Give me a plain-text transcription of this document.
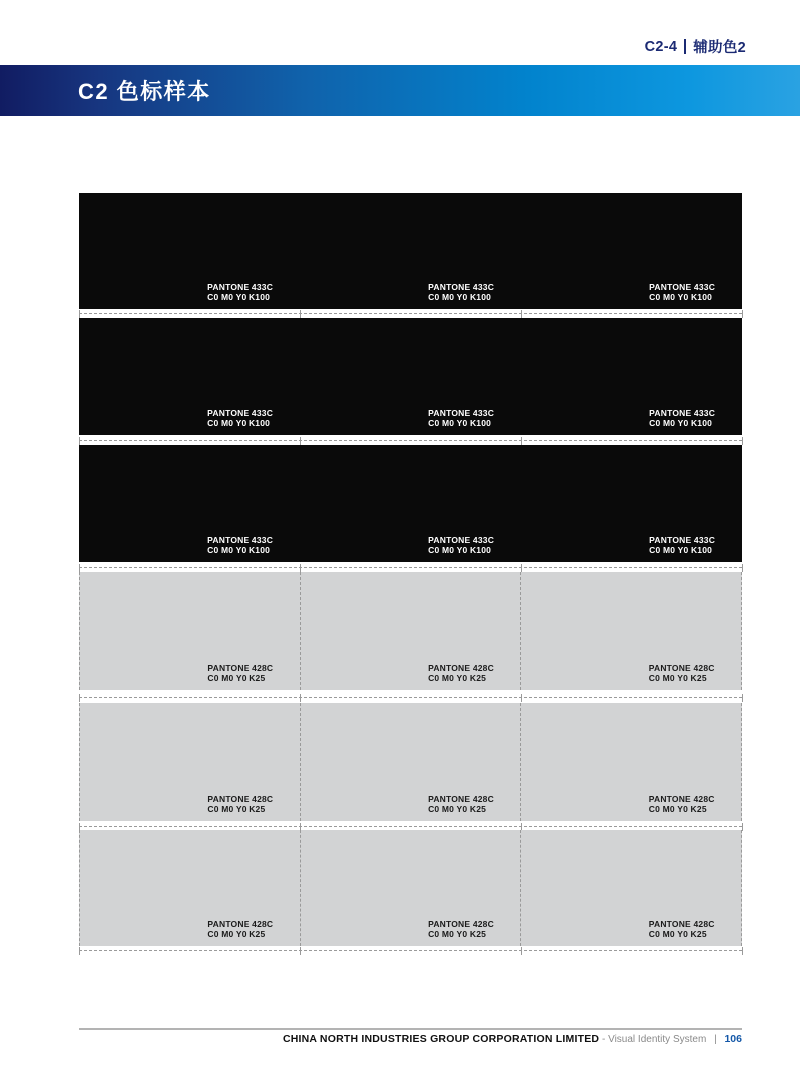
C2-4 辅助色2
C2 色标样本
PANTONE 433C
C0 M0 Y0 K100
PANTONE 433C
C0 M0 Y0 K100
PANTONE 433C
C0 M0 Y0 K100
PANTONE 433C
C0 M0 Y0 K100
PANTONE 433C
C0 M0 Y0 K100
PANTONE 433C
C0 M0 Y0 K100
PANTONE 433C
C0 M0 Y0 K100
PANTONE 433C
C0 M0 Y0 K100
PANTONE 433C
C0 M0 Y0 K100
PANTONE 428C
C0 M0 Y0 K25
PANTONE 428C
C0 M0 Y0 K25
PANTONE 428C
C0 M0 Y0 K25
PANTONE 428C
C0 M0 Y0 K25
PANTONE 428C
C0 M0 Y0 K25
PANTONE 428C
C0 M0 Y0 K25
PANTONE 428C
C0 M0 Y0 K25
PANTONE 428C
C0 M0 Y0 K25
PANTONE 428C
C0 M0 Y0 K25
CHINA NORTH INDUSTRIES GROUP CORPORATION LIMITED - Visual Identity System | 106
